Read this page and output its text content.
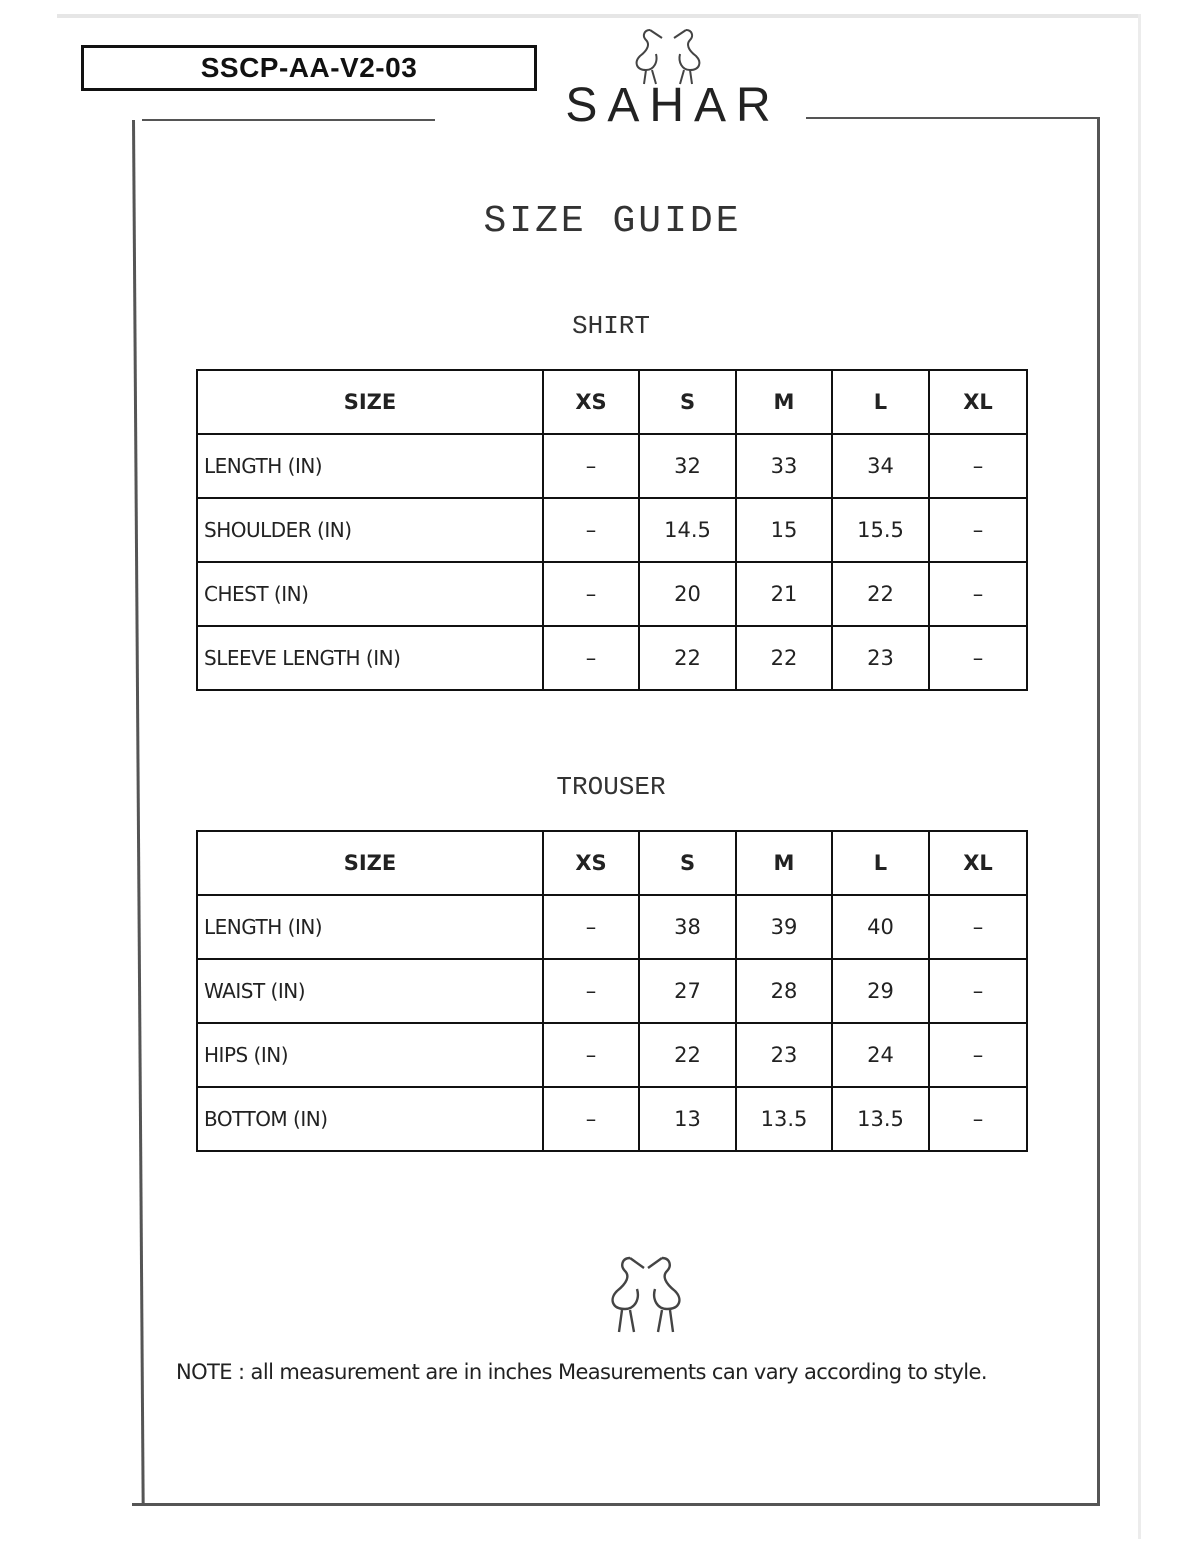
SSCP-AA-V2-03
SAHAR
SIZE GUIDE
SHIRT
SIZE	XS	S	M	L	XL
LENGTH (IN)	–	32	33	34	–
SHOULDER (IN)	–	14.5	15	15.5	–
CHEST (IN)	–	20	21	22	–
SLEEVE LENGTH (IN)	–	22	22	23	–
TROUSER
SIZE	XS	S	M	L	XL
LENGTH (IN)	–	38	39	40	–
WAIST (IN)	–	27	28	29	–
HIPS (IN)	–	22	23	24	–
BOTTOM (IN)	–	13	13.5	13.5	–
NOTE : all measurement are in inches Measurements can vary according to style.
